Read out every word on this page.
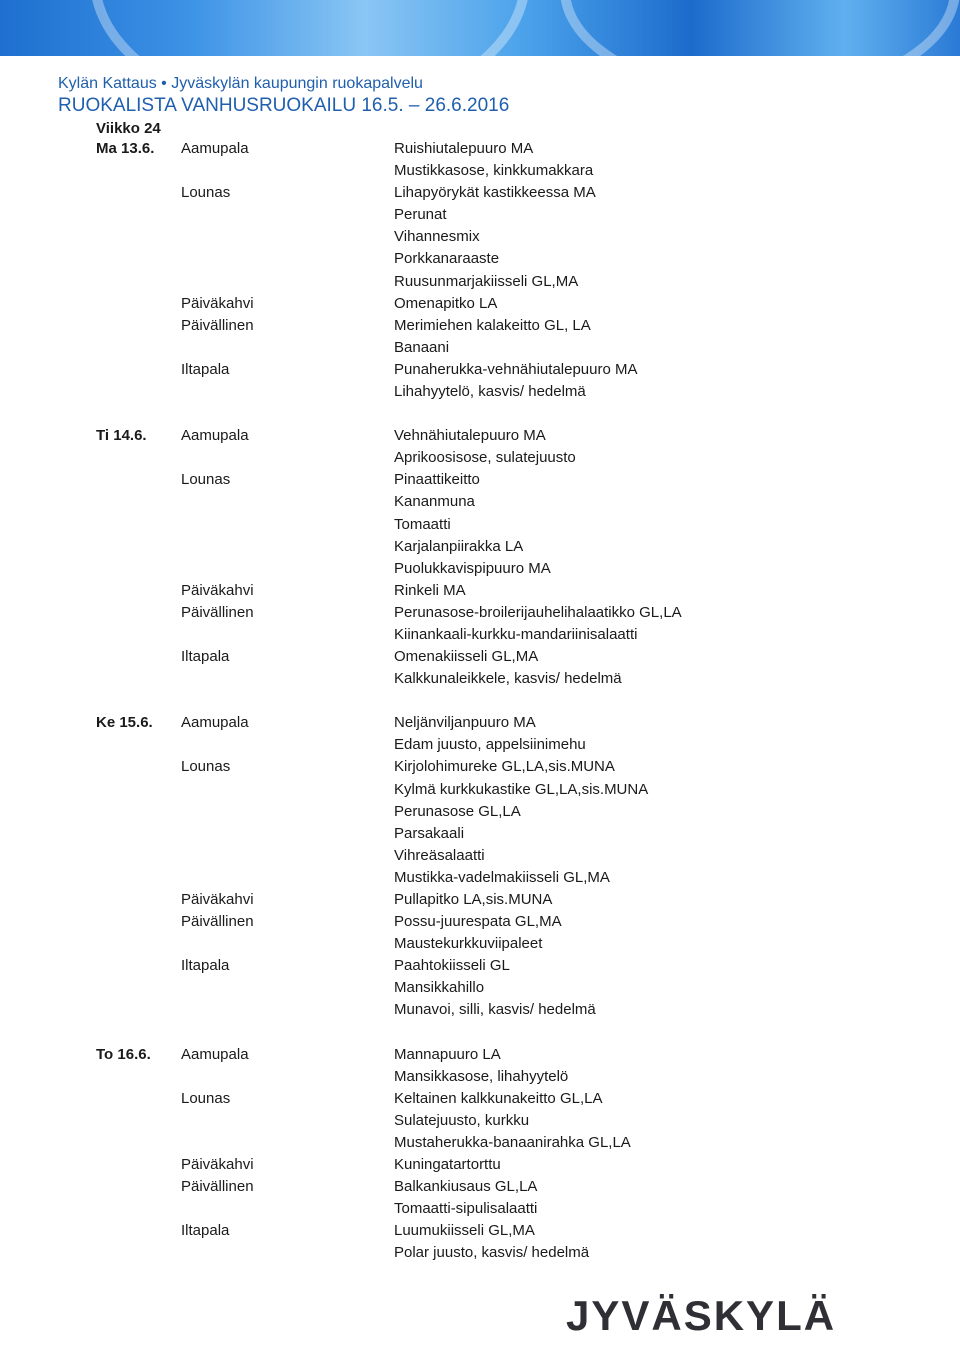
Kylän Kattaus • Jyväskylän kaupungin ruokapalvelu
RUOKALISTA VANHUSRUOKAILU 16.5. – 26.6.2016
Viikko 24
Ma 13.6. Aamupala	Ruishiutalepuuro MA
Mustikkasose, kinkkumakkara
Lounas	Lihapyörykät kastikkeessa MA
Perunat
Vihannesmix
Porkkanaraaste
Ruusunmarjakiisseli GL,MA
Päiväkahvi	Omenapitko LA
Päivällinen	Merimiehen kalakeitto GL, LA
Banaani
Iltapala	Punaherukka-vehnähiutalepuuro MA
Lihahyytelö, kasvis/ hedelmä
Ti 14.6. Aamupala	Vehnähiutalepuuro MA
Aprikoosisose, sulatejuusto
Lounas	Pinaattikeitto
Kananmuna
Tomaatti
Karjalanpiirakka LA
Puolukkavispipuuro MA
Päiväkahvi	Rinkeli MA
Päivällinen	Perunasose-broilerijauhelihalaatikko GL,LA
Kiinankaali-kurkku-mandariinisalaatti
Iltapala	Omenakiisseli GL,MA
Kalkkunaleikkele, kasvis/ hedelmä
Ke 15.6. Aamupala	Neljänviljanpuuro MA
Edam juusto, appelsiinimehu
Lounas	Kirjolohimureke GL,LA,sis.MUNA
Kylmä kurkkukastike GL,LA,sis.MUNA
Perunasose GL,LA
Parsakaali
Vihreäsalaatti
Mustikka-vadelmakiisseli GL,MA
Päiväkahvi	Pullapitko LA,sis.MUNA
Päivällinen	Possu-juurespata GL,MA
Maustekurkkuviipaleet
Iltapala	Paahtokiisseli GL
Mansikkahillo
Munavoi, silli, kasvis/ hedelmä
To 16.6. Aamupala	Mannapuuro LA
Mansikkasose, lihahyytelö
Lounas	Keltainen kalkkunakeitto GL,LA
Sulatejuusto, kurkku
Mustaherukka-banaanirahka GL,LA
Päiväkahvi	Kuningatartorttu
Päivällinen	Balkankiusaus GL,LA
Tomaatti-sipulisalaatti
Iltapala	Luumukiisseli GL,MA
Polar juusto, kasvis/ hedelmä
JYVÄSKYLÄ
